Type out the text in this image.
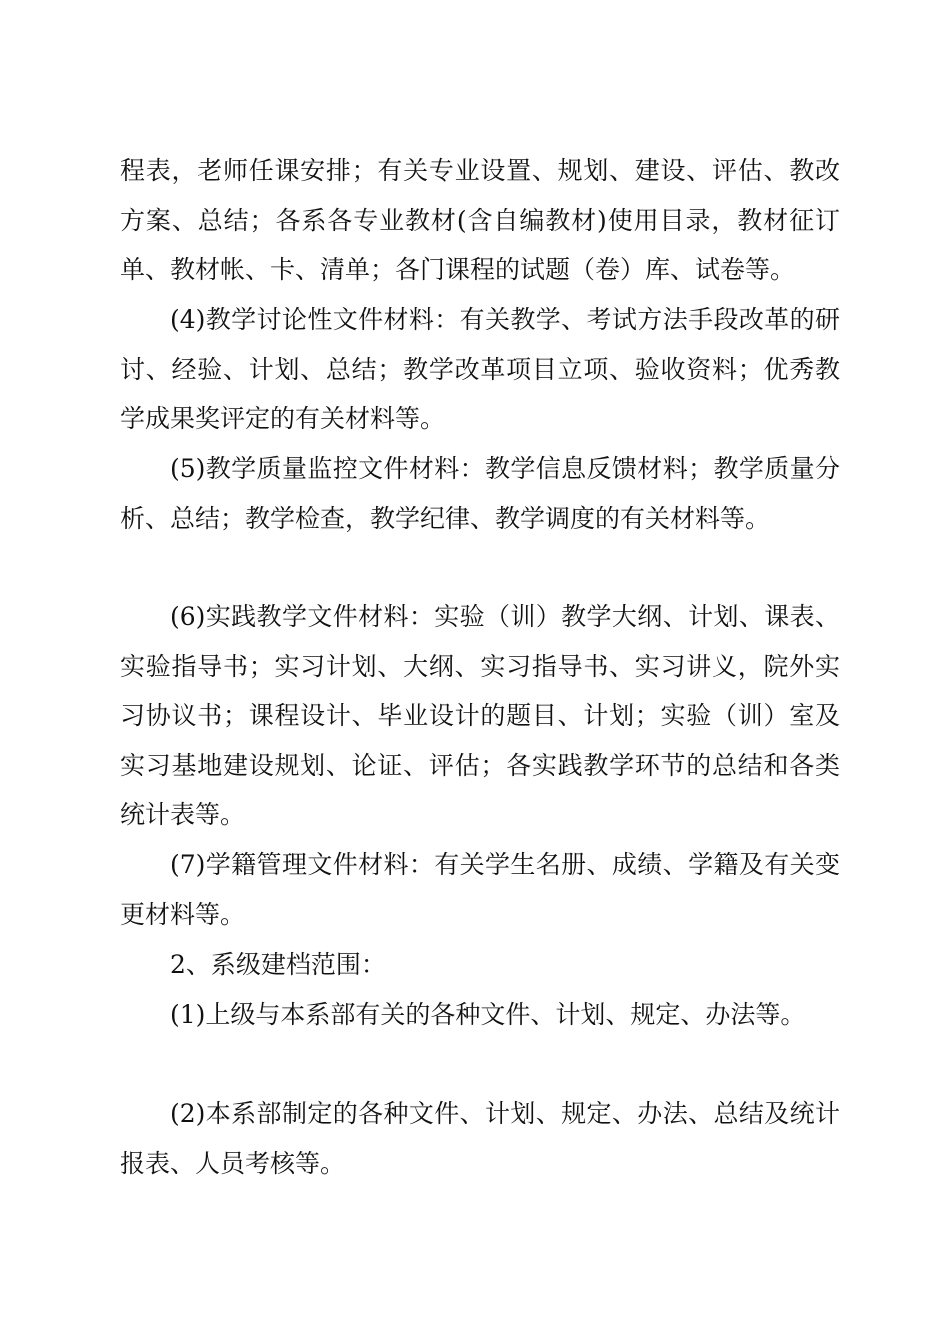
程表，老师任课安排；有关专业设置、规划、建设、评估、教改方案、总结；各系各专业教材(含自编教材)使用目录，教材征订单、教材帐、卡、清单；各门课程的试题（卷）库、试卷等。

(4)教学讨论性文件材料：有关教学、考试方法手段改革的研讨、经验、计划、总结；教学改革项目立项、验收资料；优秀教学成果奖评定的有关材料等。

(5)教学质量监控文件材料：教学信息反馈材料；教学质量分析、总结；教学检查，教学纪律、教学调度的有关材料等。

(6)实践教学文件材料：实验（训）教学大纲、计划、课表、实验指导书；实习计划、大纲、实习指导书、实习讲义，院外实习协议书；课程设计、毕业设计的题目、计划；实验（训）室及实习基地建设规划、论证、评估；各实践教学环节的总结和各类统计表等。

(7)学籍管理文件材料：有关学生名册、成绩、学籍及有关变更材料等。

2、系级建档范围：

(1)上级与本系部有关的各种文件、计划、规定、办法等。

(2)本系部制定的各种文件、计划、规定、办法、总结及统计报表、人员考核等。
